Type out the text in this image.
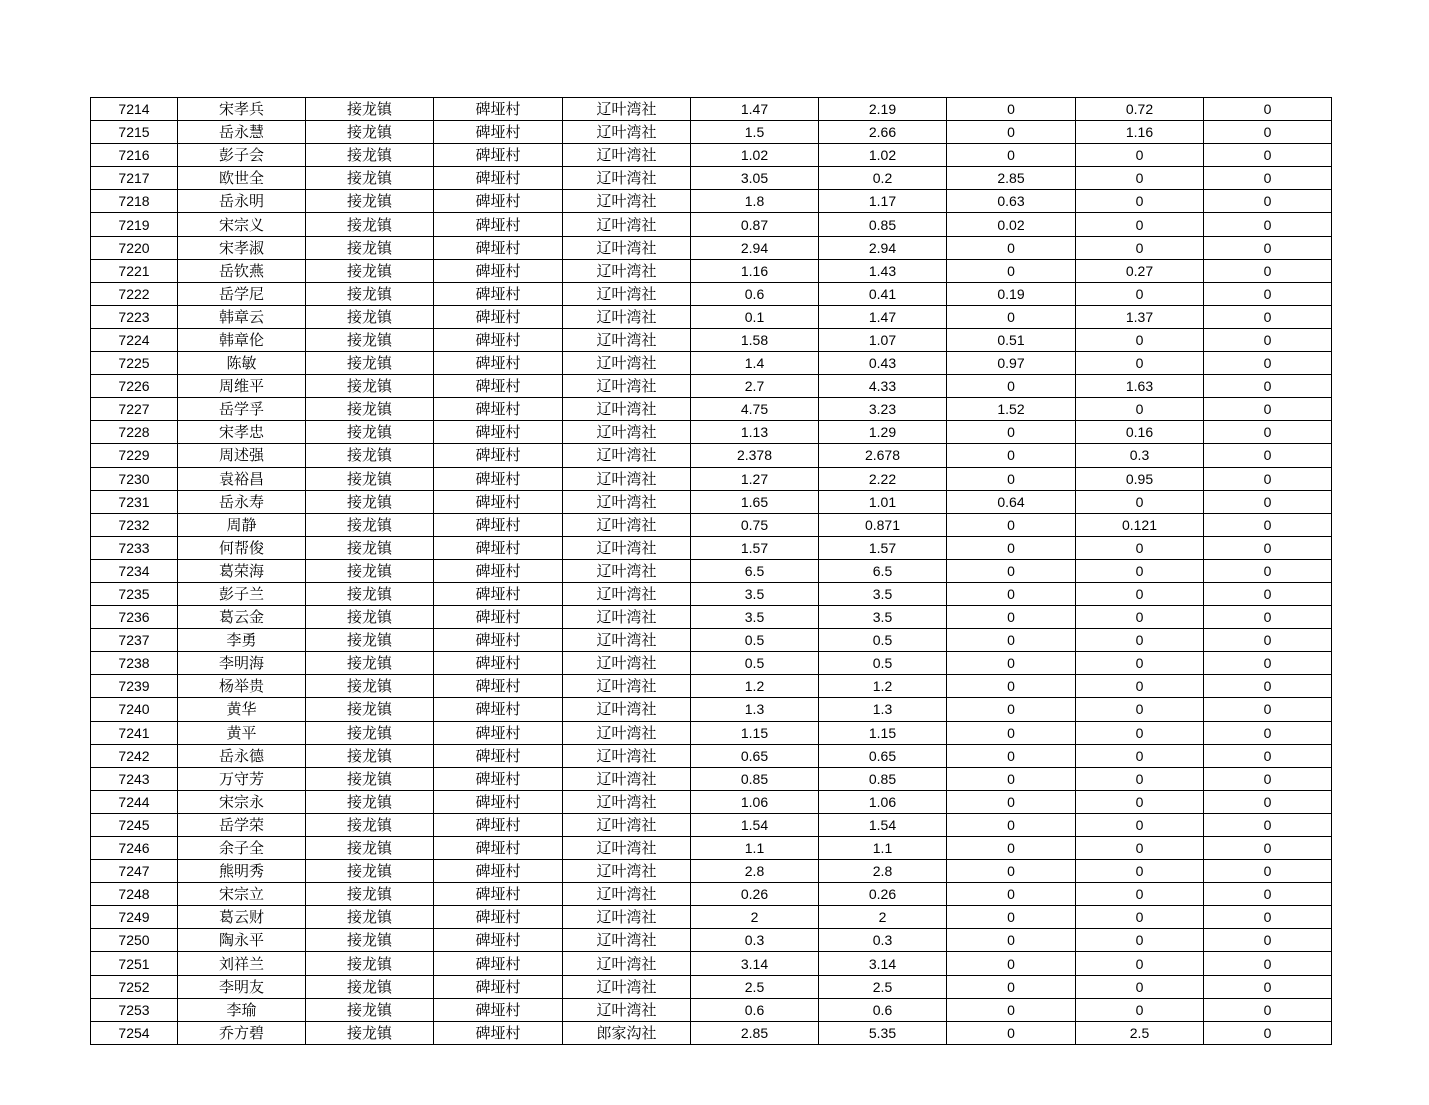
7214	宋孝兵	接龙镇	碑垭村	辽叶湾社	1.47	2.19	0	0.72	0
7215	岳永慧	接龙镇	碑垭村	辽叶湾社	1.5	2.66	0	1.16	0
7216	彭子会	接龙镇	碑垭村	辽叶湾社	1.02	1.02	0	0	0
7217	欧世全	接龙镇	碑垭村	辽叶湾社	3.05	0.2	2.85	0	0
7218	岳永明	接龙镇	碑垭村	辽叶湾社	1.8	1.17	0.63	0	0
7219	宋宗义	接龙镇	碑垭村	辽叶湾社	0.87	0.85	0.02	0	0
7220	宋孝淑	接龙镇	碑垭村	辽叶湾社	2.94	2.94	0	0	0
7221	岳钦燕	接龙镇	碑垭村	辽叶湾社	1.16	1.43	0	0.27	0
7222	岳学尼	接龙镇	碑垭村	辽叶湾社	0.6	0.41	0.19	0	0
7223	韩章云	接龙镇	碑垭村	辽叶湾社	0.1	1.47	0	1.37	0
7224	韩章伦	接龙镇	碑垭村	辽叶湾社	1.58	1.07	0.51	0	0
7225	陈敏	接龙镇	碑垭村	辽叶湾社	1.4	0.43	0.97	0	0
7226	周维平	接龙镇	碑垭村	辽叶湾社	2.7	4.33	0	1.63	0
7227	岳学孚	接龙镇	碑垭村	辽叶湾社	4.75	3.23	1.52	0	0
7228	宋孝忠	接龙镇	碑垭村	辽叶湾社	1.13	1.29	0	0.16	0
7229	周述强	接龙镇	碑垭村	辽叶湾社	2.378	2.678	0	0.3	0
7230	袁裕昌	接龙镇	碑垭村	辽叶湾社	1.27	2.22	0	0.95	0
7231	岳永寿	接龙镇	碑垭村	辽叶湾社	1.65	1.01	0.64	0	0
7232	周静	接龙镇	碑垭村	辽叶湾社	0.75	0.871	0	0.121	0
7233	何帮俊	接龙镇	碑垭村	辽叶湾社	1.57	1.57	0	0	0
7234	葛荣海	接龙镇	碑垭村	辽叶湾社	6.5	6.5	0	0	0
7235	彭子兰	接龙镇	碑垭村	辽叶湾社	3.5	3.5	0	0	0
7236	葛云金	接龙镇	碑垭村	辽叶湾社	3.5	3.5	0	0	0
7237	李勇	接龙镇	碑垭村	辽叶湾社	0.5	0.5	0	0	0
7238	李明海	接龙镇	碑垭村	辽叶湾社	0.5	0.5	0	0	0
7239	杨举贵	接龙镇	碑垭村	辽叶湾社	1.2	1.2	0	0	0
7240	黄华	接龙镇	碑垭村	辽叶湾社	1.3	1.3	0	0	0
7241	黄平	接龙镇	碑垭村	辽叶湾社	1.15	1.15	0	0	0
7242	岳永德	接龙镇	碑垭村	辽叶湾社	0.65	0.65	0	0	0
7243	万守芳	接龙镇	碑垭村	辽叶湾社	0.85	0.85	0	0	0
7244	宋宗永	接龙镇	碑垭村	辽叶湾社	1.06	1.06	0	0	0
7245	岳学荣	接龙镇	碑垭村	辽叶湾社	1.54	1.54	0	0	0
7246	余子全	接龙镇	碑垭村	辽叶湾社	1.1	1.1	0	0	0
7247	熊明秀	接龙镇	碑垭村	辽叶湾社	2.8	2.8	0	0	0
7248	宋宗立	接龙镇	碑垭村	辽叶湾社	0.26	0.26	0	0	0
7249	葛云财	接龙镇	碑垭村	辽叶湾社	2	2	0	0	0
7250	陶永平	接龙镇	碑垭村	辽叶湾社	0.3	0.3	0	0	0
7251	刘祥兰	接龙镇	碑垭村	辽叶湾社	3.14	3.14	0	0	0
7252	李明友	接龙镇	碑垭村	辽叶湾社	2.5	2.5	0	0	0
7253	李瑜	接龙镇	碑垭村	辽叶湾社	0.6	0.6	0	0	0
7254	乔方碧	接龙镇	碑垭村	郎家沟社	2.85	5.35	0	2.5	0
